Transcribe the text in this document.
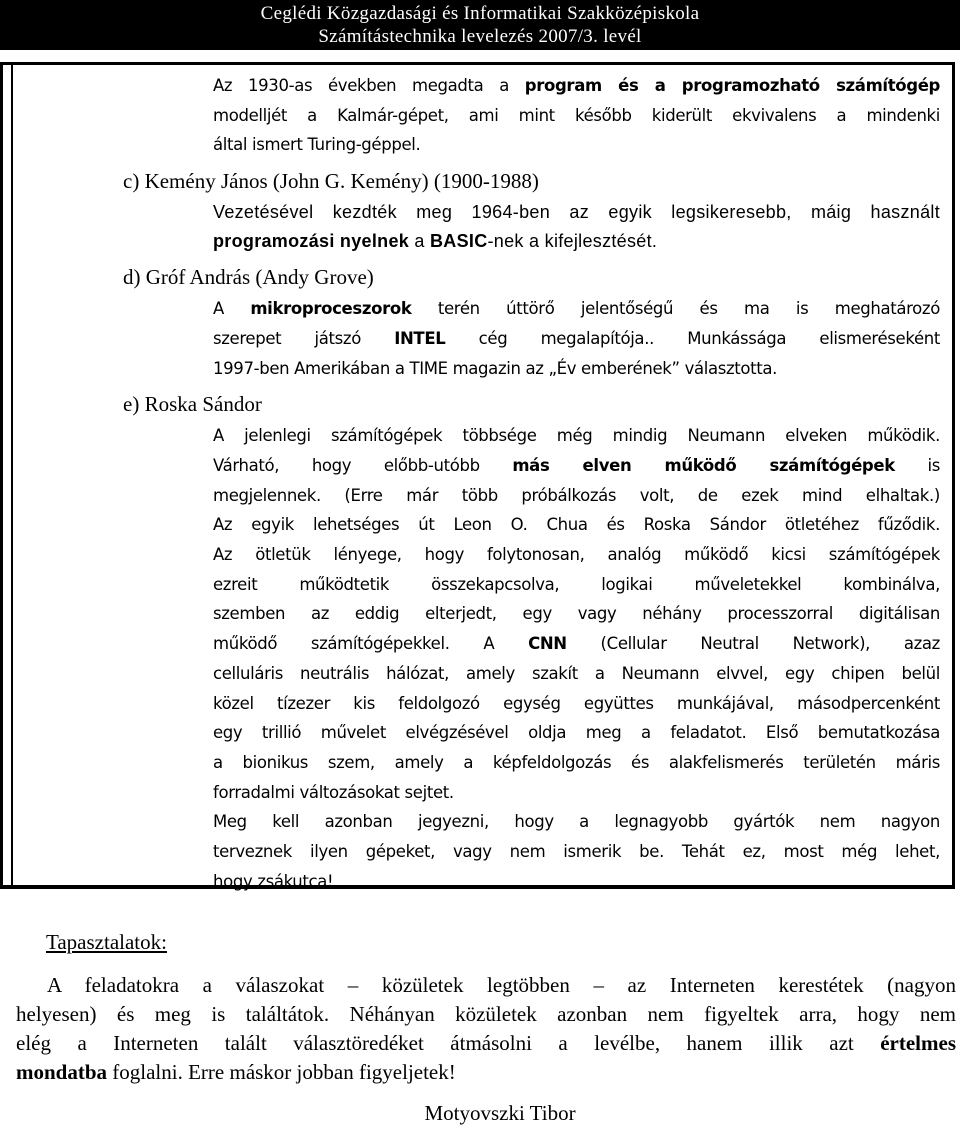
Ceglédi Közgazdasági és Informatikai Szakközépiskola
Számítástechnika levelezés 2007/3. levél
Az 1930-as években megadta a program és a programozható számítógép
modelljét a Kalmár-gépet, ami mint később kiderült ekvivalens a mindenki
által ismert Turing-géppel.
c) Kemény János (John G. Kemény) (1900-1988)
Vezetésével kezdték meg 1964-ben az egyik legsikeresebb, máig használt
programozási nyelnek a BASIC-nek a kifejlesztését.
d) Gróf András (Andy Grove)
A mikroproceszorok terén úttörő jelentőségű és ma is meghatározó
szerepet játszó INTEL cég megalapítója.. Munkássága elismeréseként
1997-ben Amerikában a TIME magazin az „Év emberének” választotta.
e) Roska Sándor
A jelenlegi számítógépek többsége még mindig Neumann elveken működik.
Várható, hogy előbb-utóbb más elven működő számítógépek is
megjelennek. (Erre már több próbálkozás volt, de ezek mind elhaltak.)
Az egyik lehetséges út Leon O. Chua és Roska Sándor ötletéhez fűződik.
Az ötletük lényege, hogy folytonosan, analóg működő kicsi számítógépek
ezreit működtetik összekapcsolva, logikai műveletekkel kombinálva,
szemben az eddig elterjedt, egy vagy néhány processzorral digitálisan
működő számítógépekkel. A CNN (Cellular Neutral Network), azaz
celluláris neutrális hálózat, amely szakít a Neumann elvvel, egy chipen belül
közel tízezer kis feldolgozó egység együttes munkájával, másodpercenként
egy trillió művelet elvégzésével oldja meg a feladatot. Első bemutatkozása
a bionikus szem, amely a képfeldolgozás és alakfelismerés területén máris
forradalmi változásokat sejtet.
Meg kell azonban jegyezni, hogy a legnagyobb gyártók nem nagyon
terveznek ilyen gépeket, vagy nem ismerik be. Tehát ez, most még lehet,
hogy zsákutca!
Tapasztalatok:
A feladatokra a válaszokat – közületek legtöbben – az Interneten kerestétek (nagyon
helyesen) és meg is találtátok. Néhányan közületek azonban nem figyeltek arra, hogy nem
elég a Interneten talált választöredéket átmásolni a levélbe, hanem illik azt értelmes
mondatba foglalni. Erre máskor jobban figyeljetek!
Motyovszki Tibor
